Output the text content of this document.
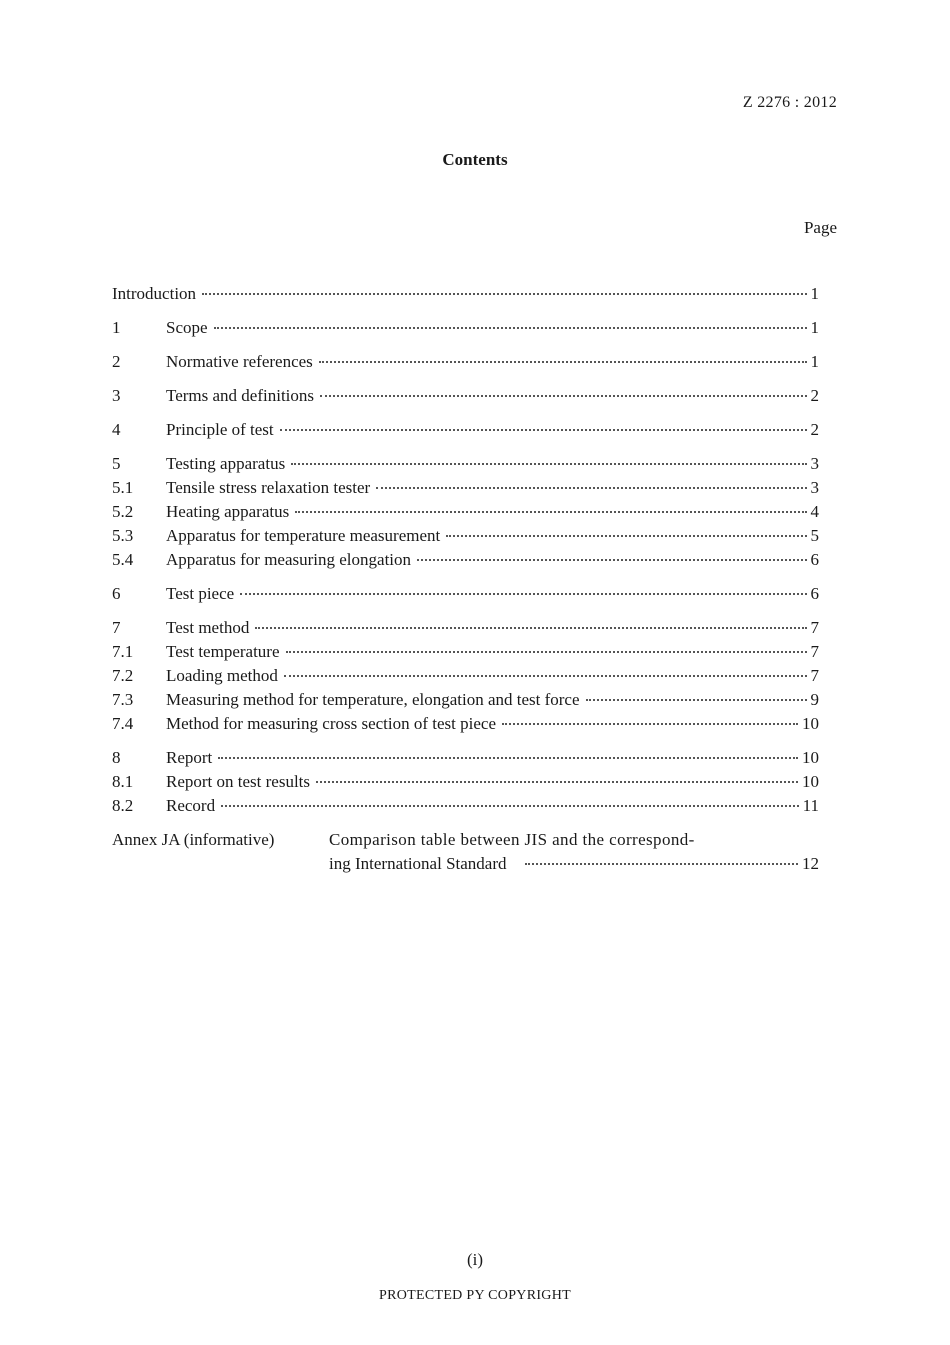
Z 2276 : 2012
Contents
Page
Introduction	1
1	Scope	1
2	Normative references	1
3	Terms and definitions	2
4	Principle of test	2
5	Testing apparatus	3
5.1	Tensile stress relaxation tester	3
5.2	Heating apparatus	4
5.3	Apparatus for temperature measurement	5
5.4	Apparatus for measuring elongation	6
6	Test piece	6
7	Test method	7
7.1	Test temperature	7
7.2	Loading method	7
7.3	Measuring method for temperature, elongation and test force	9
7.4	Method for measuring cross section of test piece	10
8	Report	10
8.1	Report on test results	10
8.2	Record	11
Annex JA (informative)	Comparison table between JIS and the correspond-
ing International Standard	12
(i)
PROTECTED PY COPYRIGHT
